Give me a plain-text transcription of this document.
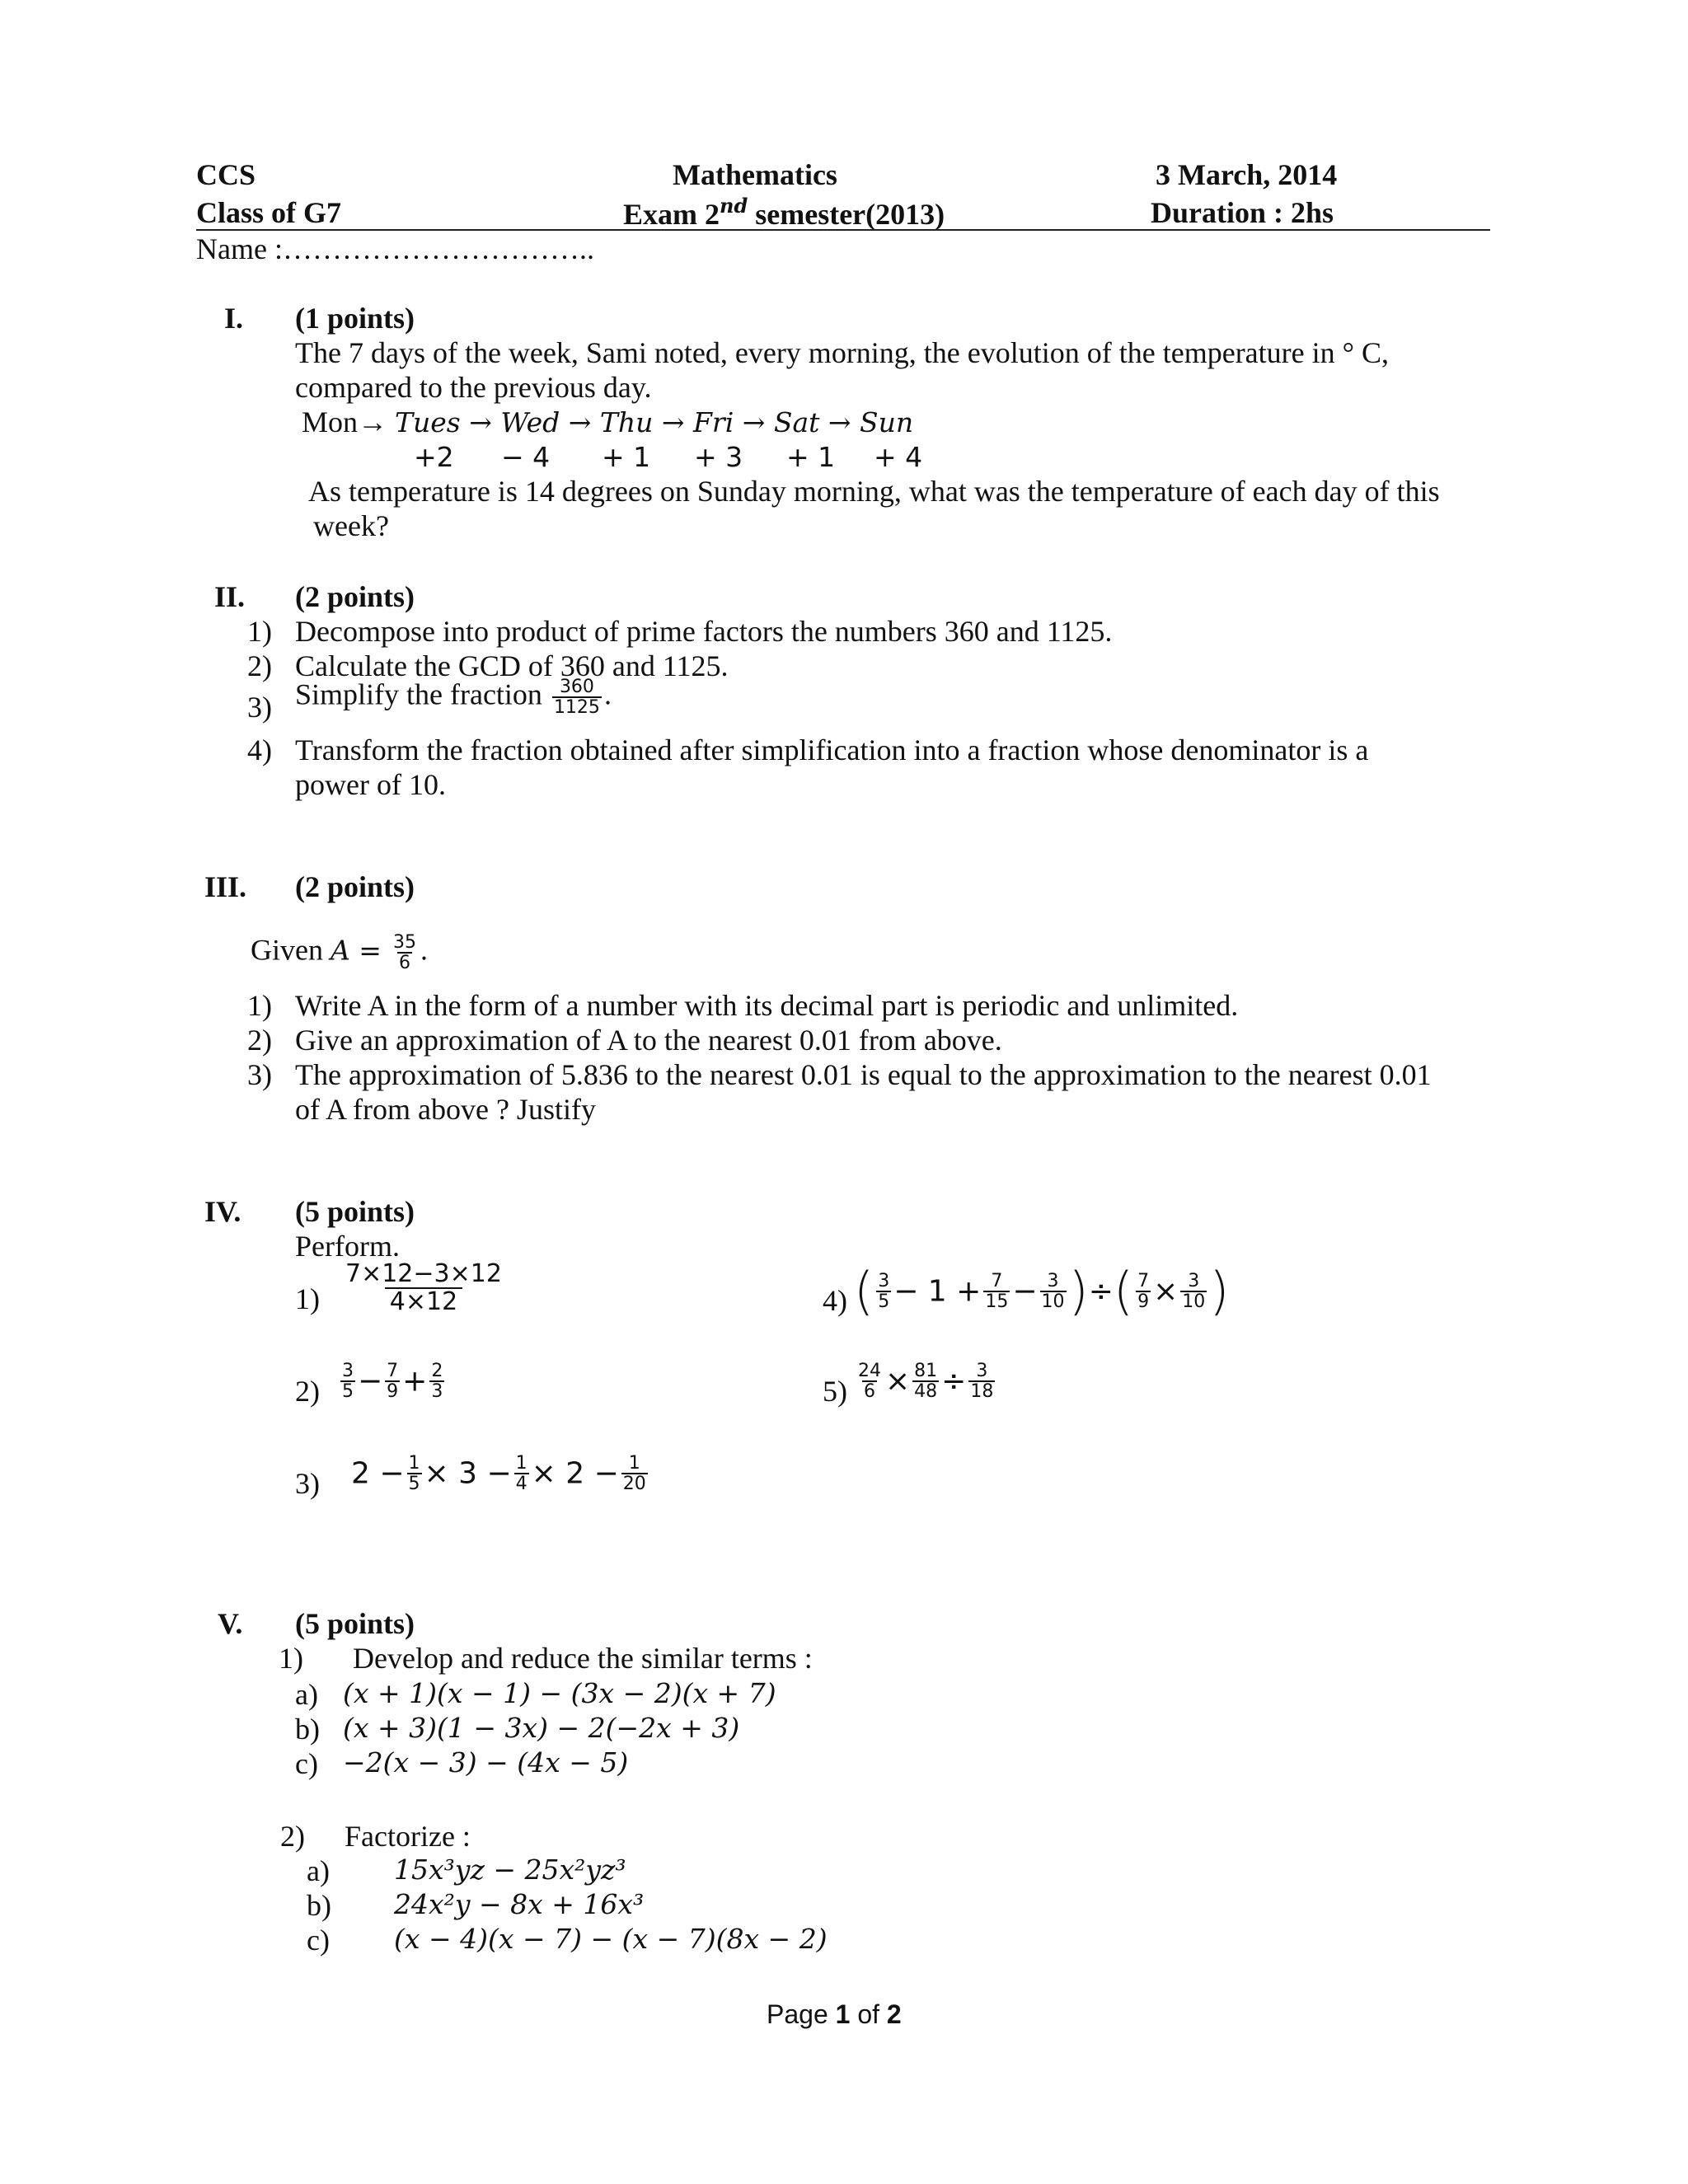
CCS
Class of G7
Mathematics
Exam 2nd semester(2013)
3 March, 2014
Duration : 2hs
Name :…………………………..
I. (1 points)
The 7 days of the week, Sami noted, every morning, the evolution of the temperature in ° C,
compared to the previous day.
Mon→ Tues → Wed → Thu → Fri → Sat → Sun
+2 − 4 + 1 + 3 + 1 + 4
As temperature is 14 degrees on Sunday morning, what was the temperature of each day of this
week?
II. (2 points)
1) Decompose into product of prime factors the numbers 360 and 1125.
2) Calculate the GCD of 360 and 1125.
3) Simplify the fraction $\frac{360}{1125}$ .
4) Transform the fraction obtained after simplification into a fraction whose denominator is a
power of 10.
III. (2 points)
Given $A = \frac{35}{6}$ .
1) Write A in the form of a number with its decimal part is periodic and unlimited.
2) Give an approximation of A to the nearest 0.01 from above.
3) The approximation of 5.836 to the nearest 0.01 is equal to the approximation to the nearest 0.01
of A from above ? Justify
IV. (5 points)
Perform.
$1) \frac{7\times 12-3\times 12}{4\times 12}$
$2) \frac{3}{5} - \frac{7}{9} + \frac{2}{3}$
3) $2 - \frac{1}{5} \times 3 - \frac{1}{4} \times 2 - \frac{1}{20}$
4) ( $\frac{3}{5} - 1 + \frac{7}{15} - \frac{3}{10}$ )÷( $\frac{7}{9} \times \frac{3}{10}$ )
$5) \frac{24}{6} \times \frac{81}{48} \div \frac{3}{18}$
V. (5 points)
1) Develop and reduce the similar terms :
a) (x + 1)(x − 1) − (3x − 2)(x + 7)
b) (x + 3)(1 − 3x) − 2(−2x + 3)
c) −2(x − 3) − (4x − 5)
2) Factorize :
a) 15x³yz − 25x²yz³
b) 24x²y − 8x + 16x³
c) (x − 4)(x − 7) − (x − 7)(8x − 2)
Page 1 of 2
